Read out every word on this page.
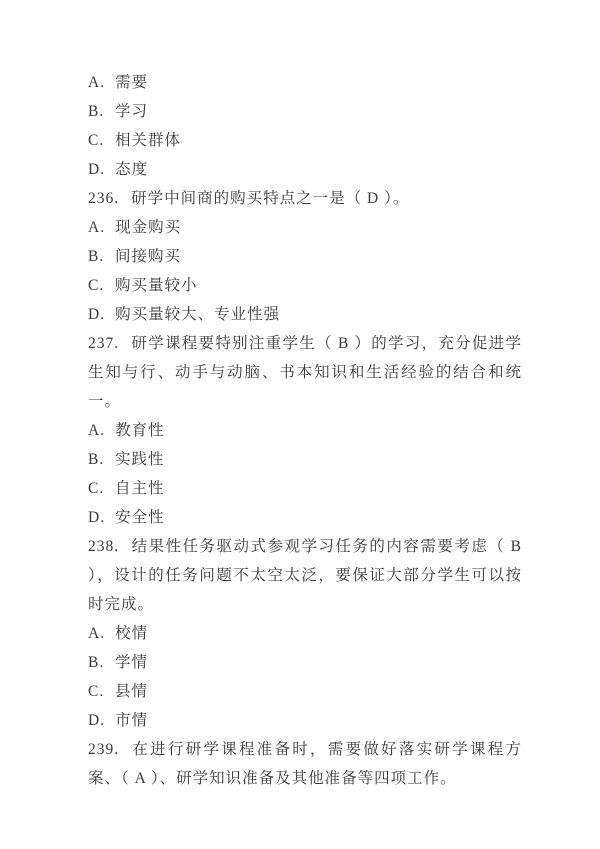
A. 需要
B. 学习
C. 相关群体
D. 态度

236. 研学中间商的购买特点之一是（ D ）。

A. 现金购买
B. 间接购买
C. 购买量较小
D. 购买量较大、专业性强

237. 研学课程要特别注重学生（ B ）的学习，充分促进学生知与行、动手与动脑、书本知识和生活经验的结合和统一。

A. 教育性
B. 实践性
C. 自主性
D. 安全性

238. 结果性任务驱动式参观学习任务的内容需要考虑（ B ），设计的任务问题不太空太泛，要保证大部分学生可以按时完成。

A. 校情
B. 学情
C. 县情
D. 市情

239. 在进行研学课程准备时，需要做好落实研学课程方案、（ A ）、研学知识准备及其他准备等四项工作。
